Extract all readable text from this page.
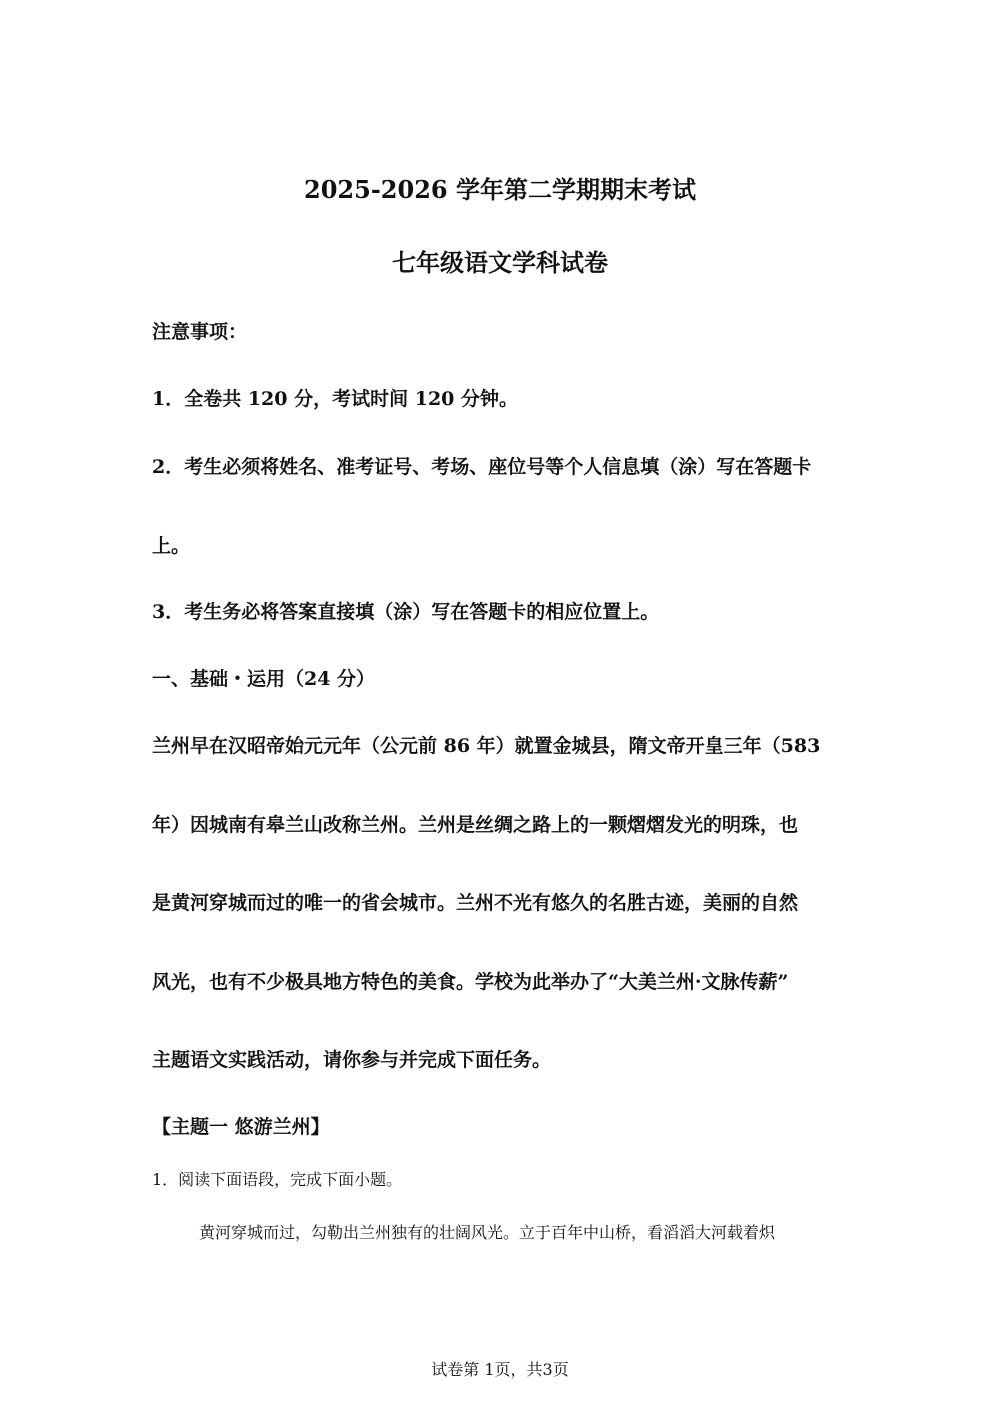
2025-2026 学年第二学期期末考试
七年级语文学科试卷
注意事项：
1．全卷共 120 分，考试时间 120 分钟。
2．考生必须将姓名、准考证号、考场、座位号等个人信息填（涂）写在答题卡
上。
3．考生务必将答案直接填（涂）写在答题卡的相应位置上。
一、基础・运用（24 分）
兰州早在汉昭帝始元元年（公元前 86 年）就置金城县，隋文帝开皇三年（583
年）因城南有皋兰山改称兰州。兰州是丝绸之路上的一颗熠熠发光的明珠，也
是黄河穿城而过的唯一的省会城市。兰州不光有悠久的名胜古迹，美丽的自然
风光，也有不少极具地方特色的美食。学校为此举办了“大美兰州·文脉传薪”
主题语文实践活动，请你参与并完成下面任务。
【主题一 悠游兰州】
1．阅读下面语段，完成下面小题。
黄河穿城而过，勾勒出兰州独有的壮阔风光。立于百年中山桥，看滔滔大河载着炽
试卷第 1页，共3页
